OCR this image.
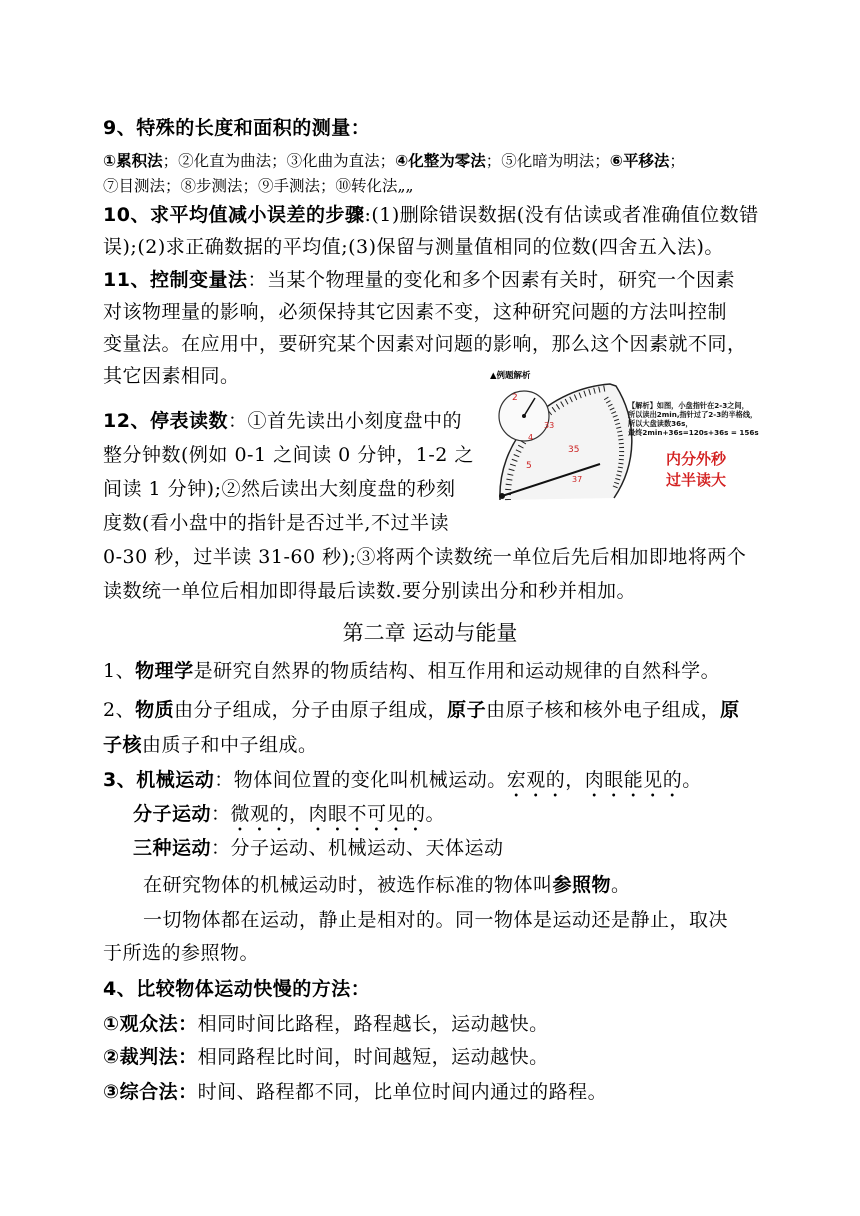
9、特殊的长度和面积的测量：
①累积法；②化直为曲法；③化曲为直法；④化整为零法；⑤化暗为明法；⑥平移法；
⑦目测法；⑧步测法；⑨手测法；⑩转化法„„
10、求平均值减小误差的步骤:(1)删除错误数据(没有估读或者准确值位数错
误);(2)求正确数据的平均值;(3)保留与测量值相同的位数(四舍五入法)。
11、控制变量法：当某个物理量的变化和多个因素有关时，研究一个因素
对该物理量的影响，必须保持其它因素不变，这种研究问题的方法叫控制
变量法。在应用中，要研究某个因素对问题的影响，那么这个因素就不同，
其它因素相同。
12、停表读数：①首先读出小刻度盘中的
整分钟数(例如 0-1 之间读 0 分钟，1-2 之
间读 1 分钟);②然后读出大刻度盘的秒刻
度数(看小盘中的指针是否过半,不过半读
0-30 秒，过半读 31-60 秒);③将两个读数统一单位后先后相加即地将两个
读数统一单位后相加即得最后读数.要分别读出分和秒并相加。
▲例题解析
2
33
4
35
5
37
【解析】如图，小盘指针在2-3之间，
所以读出2min,指针过了2-3的半格线，
所以大盘读数36s，
最终2min+36s=120s+36s = 156s
内分外秒
过半读大
第二章 运动与能量
1、物理学是研究自然界的物质结构、相互作用和运动规律的自然科学。
2、物质由分子组成，分子由原子组成，原子由原子核和核外电子组成，原
子核由质子和中子组成。
3、机械运动：物体间位置的变化叫机械运动。宏观的，肉眼能见的。
分子运动：微观的，肉眼不可见的。
三种运动：分子运动、机械运动、天体运动
在研究物体的机械运动时，被选作标准的物体叫参照物。
一切物体都在运动，静止是相对的。同一物体是运动还是静止，取决
于所选的参照物。
4、比较物体运动快慢的方法：
①观众法：相同时间比路程，路程越长，运动越快。
②裁判法：相同路程比时间，时间越短，运动越快。
③综合法：时间、路程都不同，比单位时间内通过的路程。
